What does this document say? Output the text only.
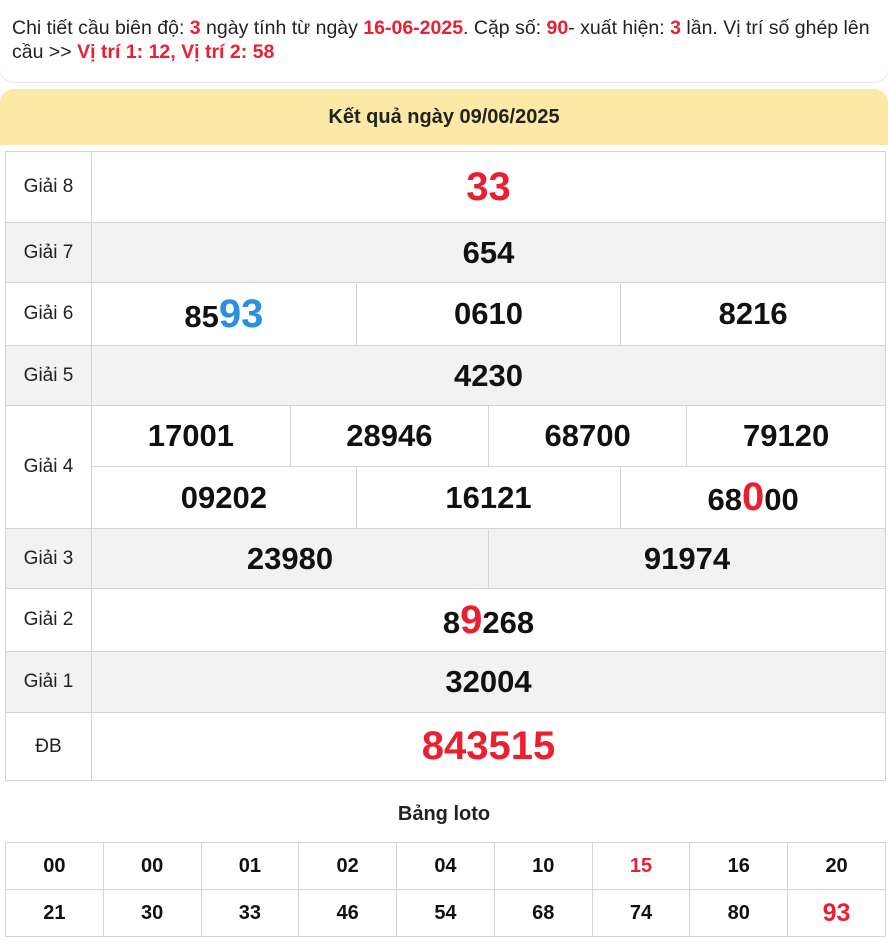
Chi tiết cầu biên độ: 3 ngày tính từ ngày 16-06-2025. Cặp số: 90- xuất hiện: 3 lần. Vị trí số ghép lên cầu >> Vị trí 1: 12, Vị trí 2: 58
Kết quả ngày 09/06/2025
Giải 8	33
Giải 7	654
Giải 6		8593	0610	8216

Giải 5	4230
Giải 4	
17001	28946	68700	79120
09202	16121	68000

Giải 3		23980	91974

Giải 2	89268
Giải 1	32004
ĐB	843515
Bảng loto
00	00	01	02	04	10	15	16	20
21	30	33	46	54	68	74	80	93
